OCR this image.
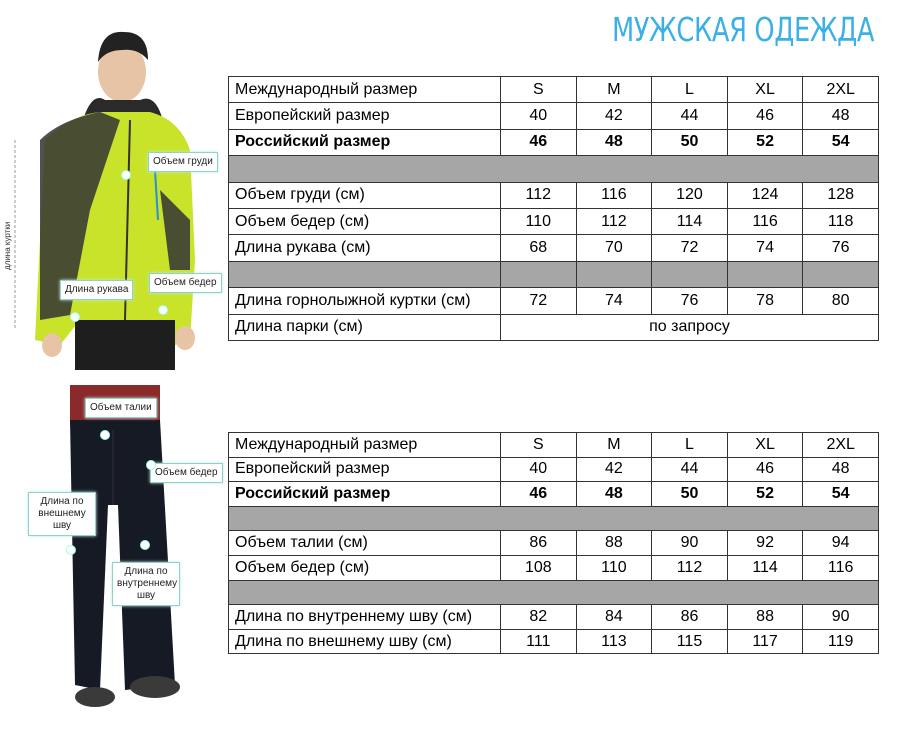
МУЖСКАЯ ОДЕЖДА
длина куртки
Объем груди
Длина рукава
Объем бедер
Объем талии
Объем бедер
Длина по внешнему шву
Длина по внутреннему шву
Международный размер	S	M	L	XL	2XL
Европейский размер	40	42	44	46	48
Российский размер	46	48	50	52	54

Объем груди (см)	112	116	120	124	128
Объем бедер (см)	110	112	114	116	118
Длина рукава (см)	68	70	72	74	76

Длина горнолыжной куртки (см)	72	74	76	78	80
Длина парки (см)	по запросу				
Международный размер	S	M	L	XL	2XL
Европейский размер	40	42	44	46	48
Российский размер	46	48	50	52	54

Объем талии (см)	86	88	90	92	94
Объем бедер (см)	108	110	112	114	116

Длина по внутреннему шву (см)	82	84	86	88	90
Длина по внешнему шву (см)	111	113	115	117	119
